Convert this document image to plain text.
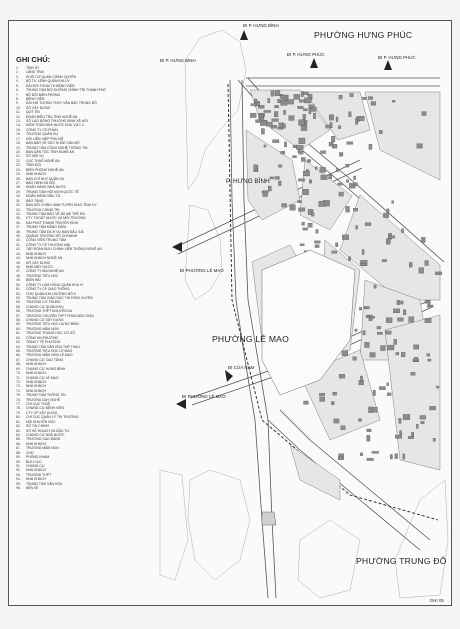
GHI CHÚ:
1. TỈNH ỦY
2. LĂNG TRẠI
3. KHỐI CƠ QUAN CHÍNH QUYỀN
4. BỘ TƯ LỆNH QUÂN KHU IV
5. ĐÀI ĐỐI THOẠI TH BỆNH VIỆN
6. TRUNG TÂM BỒI DƯỠNG CHÍNH TRỊ THÀNH PHỐ
7. BỘ ĐỘI BIÊN PHÒNG
8. BỆNH VIỆN
9. ĐÀI KHÍ TƯỢNG THỦY VĂN BẮC TRUNG BỘ
10. SỞ XÂY DỰNG
11. QUỸ TÍN
12. ĐOÀN ĐIỀU TRA TÍNH NGHỆ AN
13. SỞ LAO ĐỘNG THƯƠNG BINH XÃ HỘI
14. KIỂM TOÁN NHÀ NƯỚC KHU VỰC II
15. CÔNG TY CỔ PHẦN
16. TRƯỜNG QUÂN SỰ
17. HỘI LIÊN HIỆP PHỤ NỮ
18. BAN BẢO VỆ SỨC KHỎE CÁN BỘ
19. TRUNG TÂM CÔNG NGHỆ THÔNG TIN
20. BAN DÂN TỘC TỈNH NGHỆ AN
21. SỞ NỘI VỤ
22. CỤC THUẾ NGHỆ AN
23. TỈNH ĐỘI
24. BIÊN PHÒNG NGHỆ AN
25. NHÀ KHÁCH
26. BAN CHỈ HUY QUÂN SỰ
27. BẢO HIỂM XÃ HỘI
28. NGÂN HÀNG NHÀ NƯỚC
29. TRUNG TÂM HỘI NGHỊ QUỐC TẾ
30. NGÂN HÀNG ĐẦU TƯ
31. BẢO TÀNG
32. BAN NỘI CHÍNH, BAN TUYÊN GIÁO TỈNH ỦY
33. TRƯỜNG CHÍNH TRỊ
34. TRUNG TÂM BẢO VỆ BÀ MẸ TRẺ EM
35. CTY THOÁT NƯỚC VÀ MÔI TRƯỜNG
36. ĐÀI PHÁT THANH TRUYỀN HÌNH
37. TRUNG TÂM ĐĂNG KIỂM
38. TRUNG TÂM DỊCH VỤ BÁN ĐẤU GIÁ
39. QUẢNG TRƯỜNG HỒ CHÍ MINH
40. CÔNG VIÊN TRUNG TÂM
41. CÔNG TY CP THƯƠNG MẠI
42. TẬP ĐOÀN BƯU CHÍNH VIỄN THÔNG NGHỆ AN
43. NHÀ KHÁCH
44. NHÀ KHÁCH NGHỆ AN
45. SỞ XÂY DỰNG
46. NHÀ MÁY NƯỚC
47. CÔNG TY BIA NGHỆ AN
48. TRƯỜNG TIỂU HỌC
49. BIỂN HẢI
50. CÔNG TY LAM HỒNG QUÂN KHU IV
51. CÔNG TY CP GIAO THÔNG
52. CHỢ QUÂN KHU DƯỠNG BỘ II
53. TRUNG TÂM GIÁO DỤC THƯỜNG XUYÊN
54. TRƯỜNG CƠ TRUNG
55. CHUNG CƯ QUÂN KHU
56. TRƯỜNG THPT NGUYỄN DU
57. TRƯỜNG CHUYÊN THPT PHAN BỘI CHÂU
58. CHUNG CƯ XÂY DỰNG
59. TRƯỜNG TIỂU HỌC HƯNG BÌNH
60. TRƯỜNG MẦM NON
61. TRƯỜNG TRUNG HỌC CƠ SỞ
62. CÔNG AN PHƯỜNG
63. TRẠM Y TẾ PHƯỜNG
64. TRUNG TÂM VĂN HÓA THỂ THAO
65. TRƯỜNG TIỂU HỌC LÊ MAO
66. TRƯỜNG MẦM NON LÊ MAO
67. CHUNG CƯ CAO TẦNG
68. NHÀ KHÁCH
69. CHUNG CƯ HƯNG BÌNH
70. NHÀ KHÁCH
71. CHUNG CƯ LÊ MAO
72. NHÀ KHÁCH
73. NHÀ KHÁCH
74. NHÀ KHÁCH
75. TRUNG TÂM THÔNG TIN
76. TRƯỜNG DẠY NGHỀ
77. CHI CỤC THUẾ
78. CHUNG CƯ BỆNH VIỆN
79. CTY CP XÂY DỰNG
80. CHI CỤC QUẢN LÝ THỊ TRƯỜNG
81. HỘI KHUYẾN HỌC
82. SỞ TÀI CHÍNH
83. SỞ KẾ HOẠCH VÀ ĐẦU TƯ
84. CHUNG CƯ NHÀ NƯỚC
85. TRƯỜNG CAO ĐẲNG
86. NHÀ KHÁCH
87. TRƯỜNG MẦM NON
88. CHỢ
89. PHÒNG KHÁM
90. BƯU CỤC
91. CHUNG CƯ
92. NHÀ KHÁCH
93. TRƯỜNG THPT
94. NHÀ KHÁCH
95. TRUNG TÂM VĂN HÓA
96. BẾN XE
PHƯỜNG HƯNG PHÚC
PHƯỜNG LÊ MAO
PHƯỜNG TRUNG ĐÔ
P. HƯNG BÌNH
ĐI P. HƯNG BÌNH
ĐI P. HƯNG PHÚC
ĐI P. HƯNG PHÚC
ĐI P. HƯNG BÌNH
ĐI PHƯỜNG LÊ MAO
ĐI PHƯỜNG LÊ MAO
ĐI CỬA NAM
GHI 05
